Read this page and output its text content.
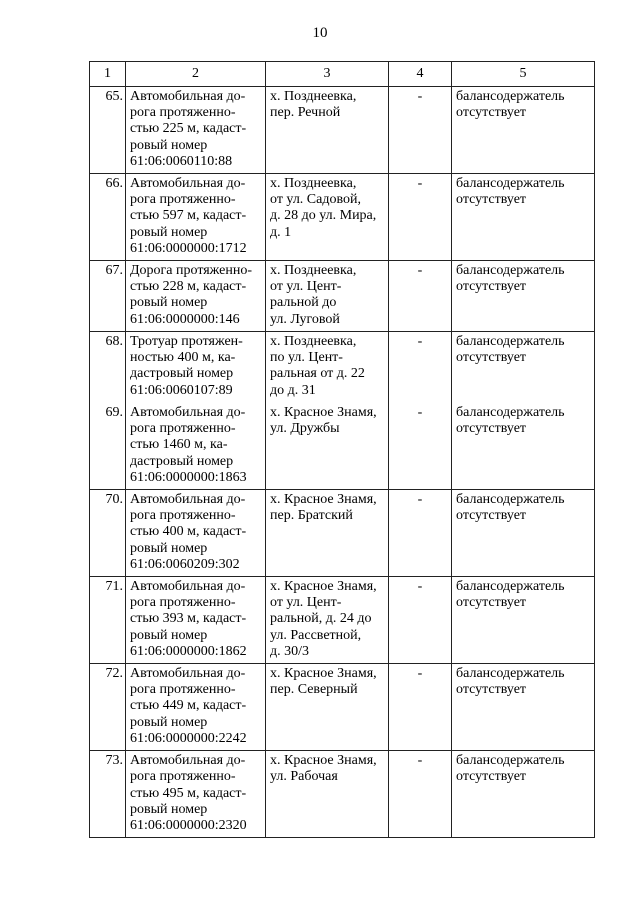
10
1	2	3	4	5
65.	Автомобильная до-
рога протяженно-
стью 225 м, кадаст-
ровый номер
61:06:0060110:88	х. Позднеевка,
пер. Речной	-	балансодержатель
отсутствует
66.	Автомобильная до-
рога протяженно-
стью 597 м, кадаст-
ровый номер
61:06:0000000:1712	х. Позднеевка,
от ул. Садовой,
д. 28 до ул. Мира,
д. 1	-	балансодержатель
отсутствует
67.	Дорога протяженно-
стью 228 м, кадаст-
ровый номер
61:06:0000000:146	х. Позднеевка,
от ул. Цент-
ральной до
ул. Луговой	-	балансодержатель
отсутствует
68.	Тротуар протяжен-
ностью 400 м, ка-
дастровый номер
61:06:0060107:89	х. Позднеевка,
по ул. Цент-
ральная от д. 22
до д. 31	-	балансодержатель
отсутствует
69.	Автомобильная до-
рога протяженно-
стью 1460 м, ка-
дастровый номер
61:06:0000000:1863	х. Красное Знамя,
ул. Дружбы	-	балансодержатель
отсутствует
70.	Автомобильная до-
рога протяженно-
стью 400 м, кадаст-
ровый номер
61:06:0060209:302	х. Красное Знамя,
пер. Братский	-	балансодержатель
отсутствует
71.	Автомобильная до-
рога протяженно-
стью 393 м, кадаст-
ровый номер
61:06:0000000:1862	х. Красное Знамя,
от ул. Цент-
ральной, д. 24 до
ул. Рассветной,
д. 30/3	-	балансодержатель
отсутствует
72.	Автомобильная до-
рога протяженно-
стью 449 м, кадаст-
ровый номер
61:06:0000000:2242	х. Красное Знамя,
пер. Северный	-	балансодержатель
отсутствует
73.	Автомобильная до-
рога протяженно-
стью 495 м, кадаст-
ровый номер
61:06:0000000:2320	х. Красное Знамя,
ул. Рабочая	-	балансодержатель
отсутствует
